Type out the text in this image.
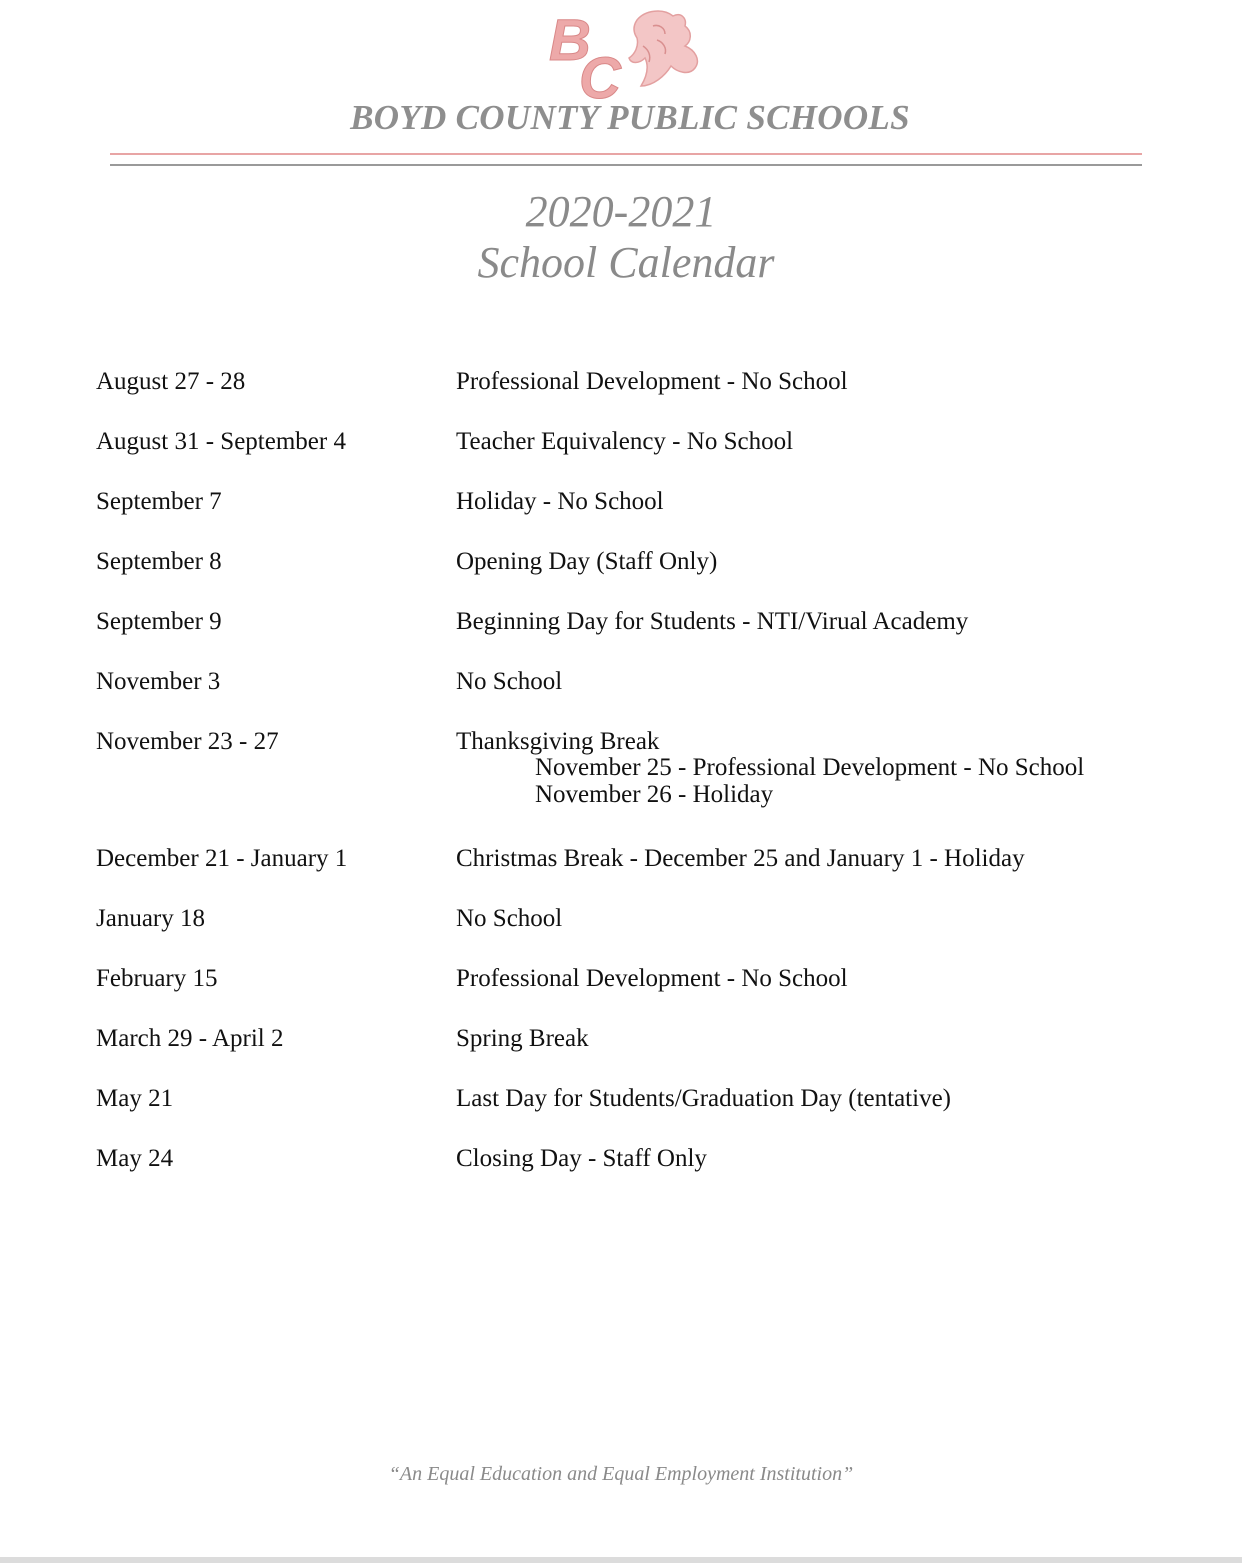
B
C
BOYD COUNTY PUBLIC SCHOOLS
2020-2021
School Calendar
August 27 - 28	Professional Development - No School
August 31 - September 4	Teacher Equivalency - No School
September 7	Holiday - No School
September 8	Opening Day (Staff Only)
September 9	Beginning Day for Students - NTI/Virual Academy
November 3	No School
November 23 - 27	Thanksgiving Break
November 25 - Professional Development - No School
November 26 - Holiday
December 21 - January 1	Christmas Break - December 25 and January 1 - Holiday
January 18	No School
February 15	Professional Development - No School
March 29 - April 2	Spring Break
May 21	Last Day for Students/Graduation Day (tentative)
May 24	Closing Day - Staff Only
“An Equal Education and Equal Employment Institution”
